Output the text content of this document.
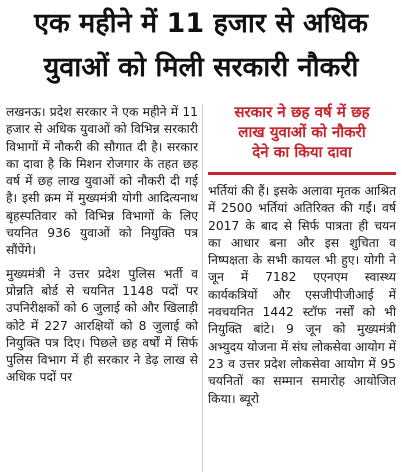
एक महीने में 11 हजार से अधिक
युवाओं को मिली सरकारी नौकरी

लखनऊ। प्रदेश सरकार ने एक महीने में 11 हजार से अधिक युवाओं को विभिन्न सरकारी विभागों में नौकरी की सौगात दी है। सरकार का दावा है कि मिशन रोजगार के तहत छह वर्ष में छह लाख युवाओं को नौकरी दी गई है। इसी क्रम में मुख्यमंत्री योगी आदित्यनाथ बृहस्पतिवार को विभिन्न विभागों के लिए चयनित 936 युवाओं को नियुक्ति पत्र सौंपेंगे।

मुख्यमंत्री ने उत्तर प्रदेश पुलिस भर्ती व प्रोन्नति बोर्ड से चयनित 1148 पदों पर उपनिरीक्षकों को 6 जुलाई को और खिलाड़ी कोटे में 227 आरक्षियों को 8 जुलाई को नियुक्ति पत्र दिए। पिछले छह वर्षों में सिर्फ पुलिस विभाग में ही सरकार ने डेढ़ लाख से अधिक पदों पर

सरकार ने छह वर्ष में छह
लाख युवाओं को नौकरी
देने का किया दावा

भर्तियां की हैं। इसके अलावा मृतक आश्रित में 2500 भर्तियां अतिरिक्त की गईं। वर्ष 2017 के बाद से सिर्फ पात्रता ही चयन का आधार बना और इस शुचिता व निष्पक्षता के सभी कायल भी हुए। योगी ने जून में 7182 एएनएम स्वास्थ्य कार्यकत्रियों और एसजीपीजीआई में नवचयनित 1442 स्टॉफ नर्सों को भी नियुक्ति बांटे। 9 जून को मुख्यमंत्री अभ्युदय योजना में संघ लोकसेवा आयोग में 23 व उत्तर प्रदेश लोकसेवा आयोग में 95 चयनितों का सम्मान समारोह आयोजित किया। ब्यूरो
